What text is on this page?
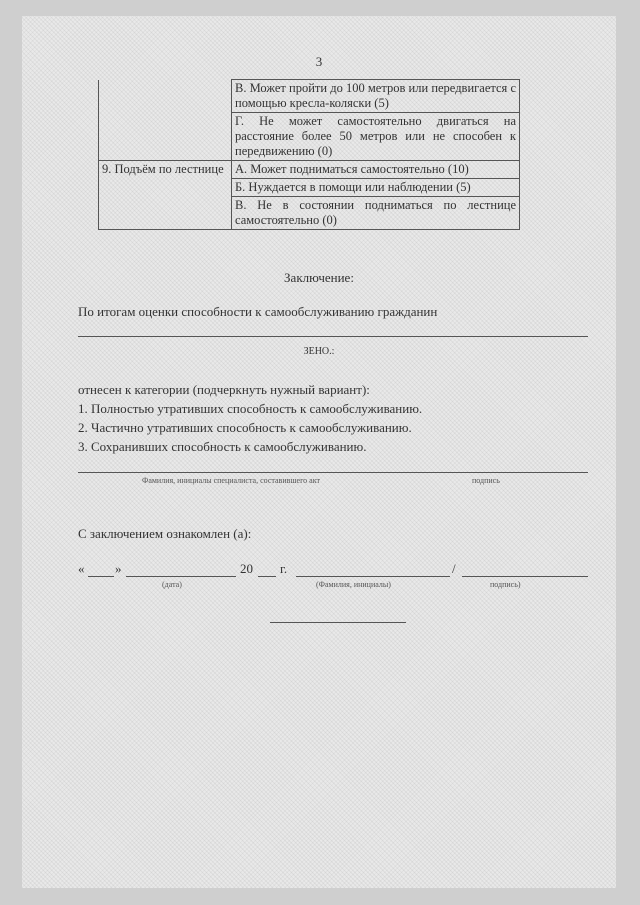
3
	В. Может пройти до 100 метров или передвигается с помощью кресла-коляски (5)
	Г. Не может самостоятельно двигаться на расстояние более 50 метров или не способен к передвижению (0)
9. Подъём по лестнице	А. Может подниматься самостоятельно (10)
	Б. Нуждается в помощи или наблюдении (5)
	В. Не в состоянии подниматься по лестнице самостоятельно (0)
Заключение:
По итогам оценки способности к самообслуживанию гражданин
ЗЕНО.:
отнесен к категории (подчеркнуть нужный вариант):
1. Полностью утративших способность к самообслуживанию.
2. Частично утративших способность к самообслуживанию.
3. Сохранивших способность к самообслуживанию.
Фамилия, инициалы специалиста, составившего акт	подпись
С заключением ознакомлен (а):
« »	20 г.	/
(дата)	(Фамилия, инициалы)	подпись)
